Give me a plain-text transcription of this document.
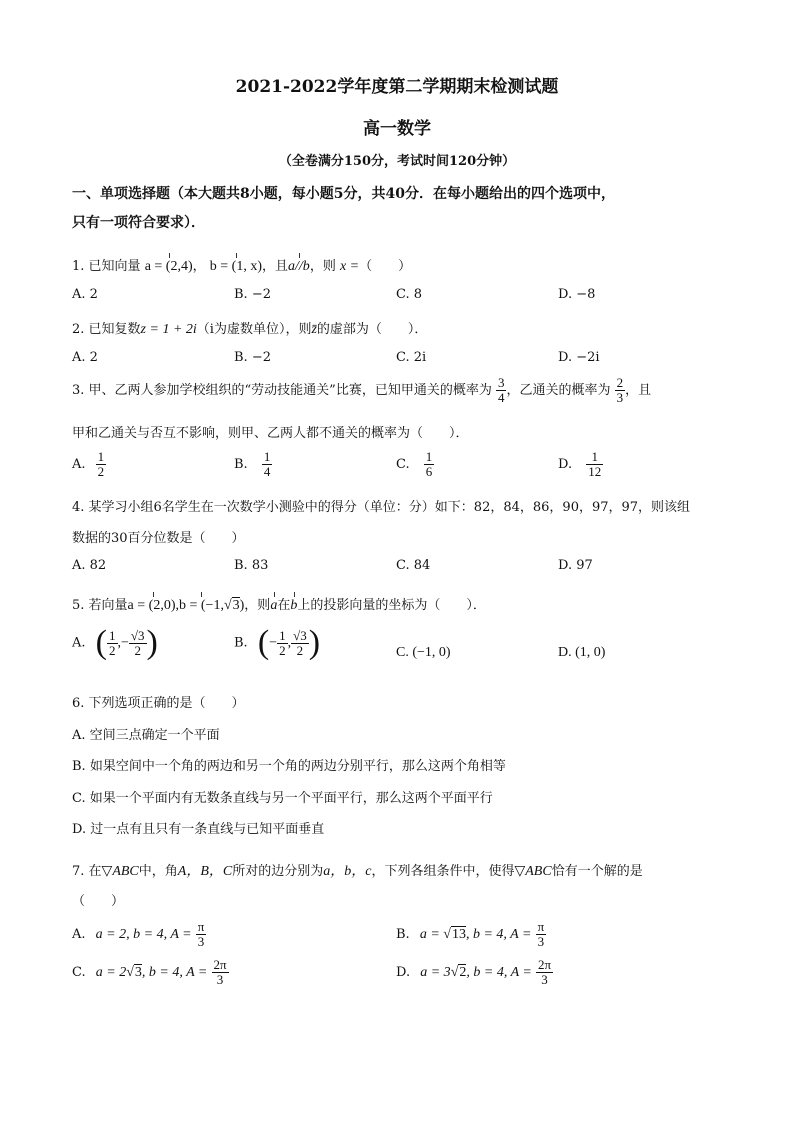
2021-2022学年度第二学期期末检测试题
高一数学
（全卷满分150分，考试时间120分钟）
一、单项选择题（本大题共8小题，每小题5分，共40分．在每小题给出的四个选项中，
只有一项符合要求）．
1. 已知向量 a = (2,4)， b = (1, x)，且a//b，则 x =（　　）
A. 2	B. −2	C. 8	D. −8
2. 已知复数z = 1 + 2i（i为虚数单位），则z̄的虚部为（　　）．
A. 2	B. −2	C. 2i	D. −2i
3. 甲、乙两人参加学校组织的“劳动技能通关”比赛，已知甲通关的概率为 $\frac{3}{4}$ ，乙通关的概率为 $\frac{2}{3}$ ，且
甲和乙通关与否互不影响，则甲、乙两人都不通关的概率为（　　）．
A. $\frac{1}{2}$	B. $\frac{1}{4}$	C. $\frac{1}{6}$	D. $\frac{1}{12}$
4. 某学习小组6名学生在一次数学小测验中的得分（单位：分）如下：82，84，86，90，97，97，则该组
数据的30百分位数是（　　）
A. 82	B. 83	C. 84	D. 97
5. 若向量a = (2,0),b = (−1,√3)，则a在b上的投影向量的坐标为（　　）．
A. ( $\frac{1}{2}$ ,− $\frac{√3}{2}$ )	B. (− $\frac{1}{2}$ , $\frac{√3}{2}$ )	C. (−1, 0)	D. (1, 0)
6. 下列选项正确的是（　　）
A. 空间三点确定一个平面
B. 如果空间中一个角的两边和另一个角的两边分别平行，那么这两个角相等
C. 如果一个平面内有无数条直线与另一个平面平行，那么这两个平面平行
D. 过一点有且只有一条直线与已知平面垂直
7. 在▽ABC中，角A，B，C所对的边分别为a，b，c，下列各组条件中，使得▽ABC恰有一个解的是
（　　）
A. a = 2, b = 4, $A = \frac{\pi}{3}$	B. a = √13, b = 4, $A = \frac{\pi}{3}$
C. a = 2√3, b = 4, $A = \frac{2\pi}{3}$	D. a = 3√2, b = 4, $A = \frac{2\pi}{3}$
